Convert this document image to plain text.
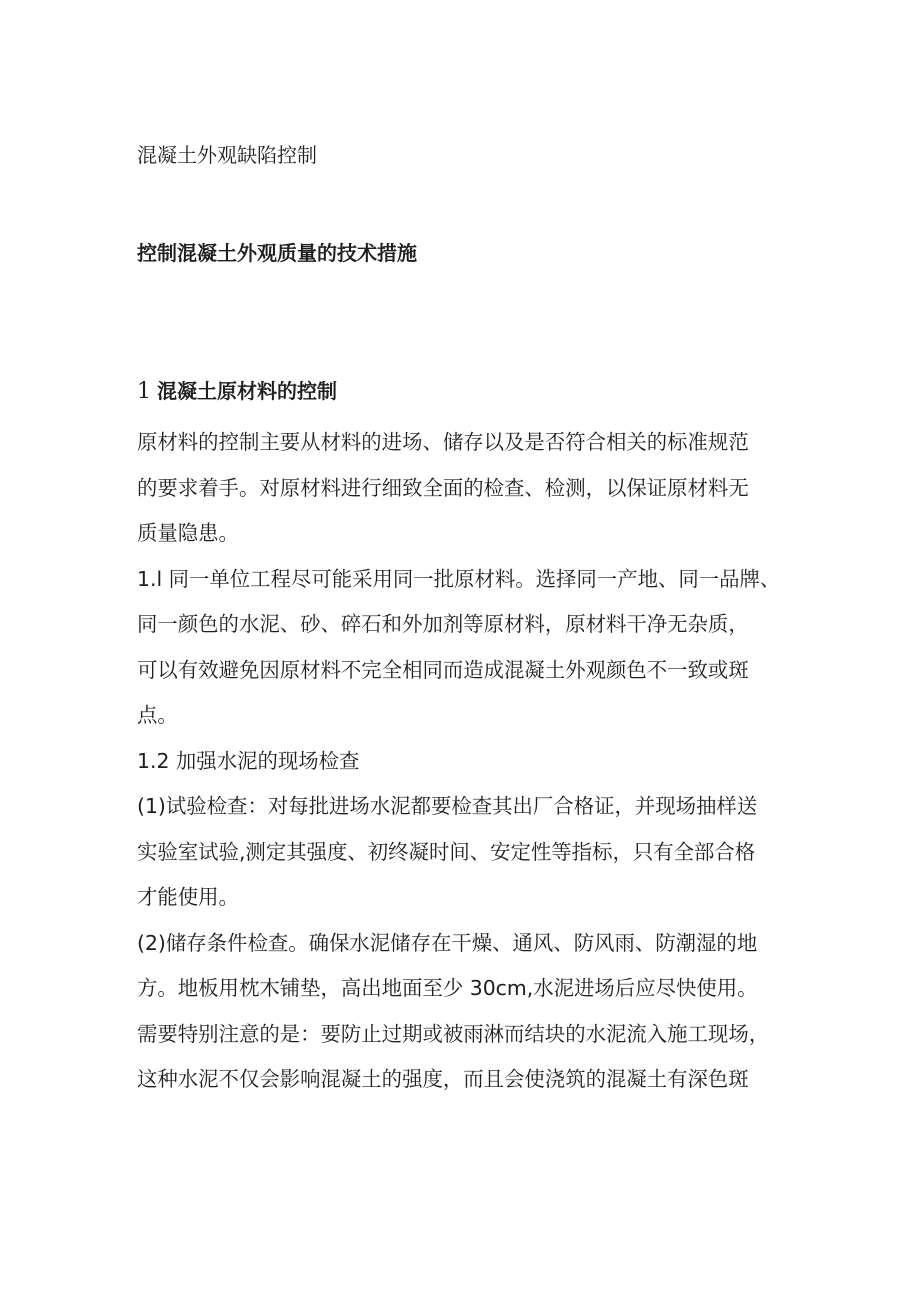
混凝土外观缺陷控制
控制混凝土外观质量的技术措施
1 混凝土原材料的控制
原材料的控制主要从材料的进场、储存以及是否符合相关的标准规范
的要求着手。对原材料进行细致全面的检查、检测，以保证原材料无
质量隐患。
1.l 同一单位工程尽可能采用同一批原材料。选择同一产地、同一品牌、
同一颜色的水泥、砂、碎石和外加剂等原材料，原材料干净无杂质，
可以有效避免因原材料不完全相同而造成混凝土外观颜色不一致或斑
点。
1.2 加强水泥的现场检查
(1)试验检查：对每批进场水泥都要检查其出厂合格证，并现场抽样送
实验室试验,测定其强度、初终凝时间、安定性等指标，只有全部合格
才能使用。
(2)储存条件检查。确保水泥储存在干燥、通风、防风雨、防潮湿的地
方。地板用枕木铺垫，高出地面至少 30cm,水泥进场后应尽快使用。
需要特别注意的是：要防止过期或被雨淋而结块的水泥流入施工现场，
这种水泥不仅会影响混凝土的强度，而且会使浇筑的混凝土有深色斑
